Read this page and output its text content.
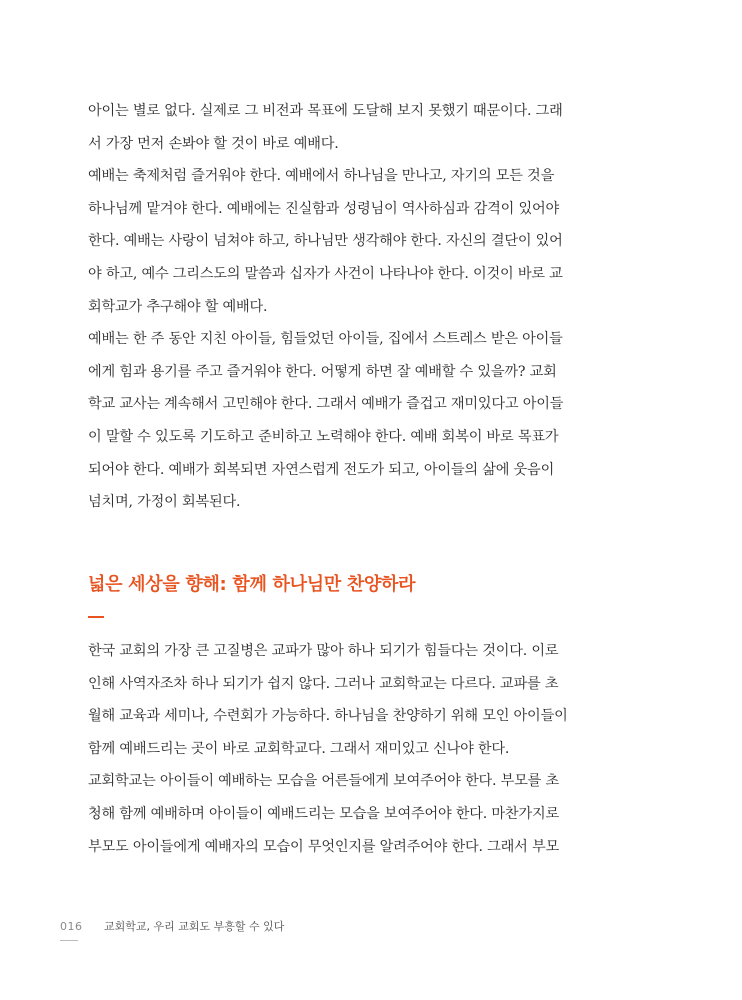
아이는 별로 없다. 실제로 그 비전과 목표에 도달해 보지 못했기 때문이다. 그래
서 가장 먼저 손봐야 할 것이 바로 예배다.
예배는 축제처럼 즐거워야 한다. 예배에서 하나님을 만나고, 자기의 모든 것을
하나님께 맡겨야 한다. 예배에는 진실함과 성령님이 역사하심과 감격이 있어야
한다. 예배는 사랑이 넘쳐야 하고, 하나님만 생각해야 한다. 자신의 결단이 있어
야 하고, 예수 그리스도의 말씀과 십자가 사건이 나타나야 한다. 이것이 바로 교
회학교가 추구해야 할 예배다.
예배는 한 주 동안 지친 아이들, 힘들었던 아이들, 집에서 스트레스 받은 아이들
에게 힘과 용기를 주고 즐거워야 한다. 어떻게 하면 잘 예배할 수 있을까? 교회
학교 교사는 계속해서 고민해야 한다. 그래서 예배가 즐겁고 재미있다고 아이들
이 말할 수 있도록 기도하고 준비하고 노력해야 한다. 예배 회복이 바로 목표가
되어야 한다. 예배가 회복되면 자연스럽게 전도가 되고, 아이들의 삶에 웃음이
넘치며, 가정이 회복된다.
넓은 세상을 향해: 함께 하나님만 찬양하라
한국 교회의 가장 큰 고질병은 교파가 많아 하나 되기가 힘들다는 것이다. 이로
인해 사역자조차 하나 되기가 쉽지 않다. 그러나 교회학교는 다르다. 교파를 초
월해 교육과 세미나, 수련회가 가능하다. 하나님을 찬양하기 위해 모인 아이들이
함께 예배드리는 곳이 바로 교회학교다. 그래서 재미있고 신나야 한다.
교회학교는 아이들이 예배하는 모습을 어른들에게 보여주어야 한다. 부모를 초
청해 함께 예배하며 아이들이 예배드리는 모습을 보여주어야 한다. 마찬가지로
부모도 아이들에게 예배자의 모습이 무엇인지를 알려주어야 한다. 그래서 부모
016 교회학교, 우리 교회도 부흥할 수 있다
